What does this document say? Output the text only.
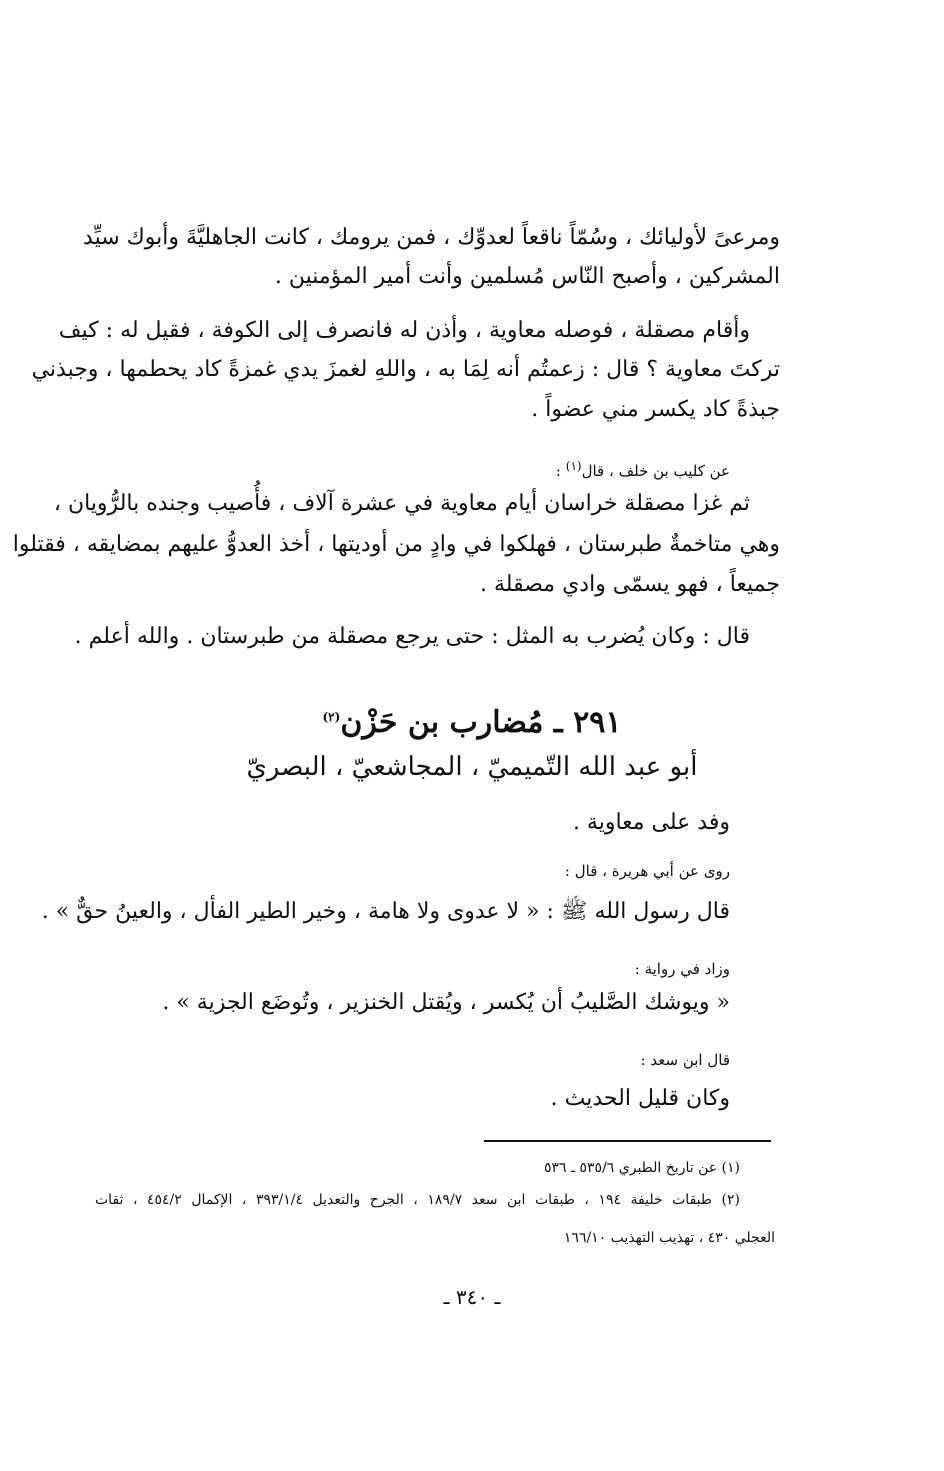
ومرعىً لأوليائك ، وسُمّاً ناقعاً لعدوِّك ، فمن يرومك ، كانت الجاهليَّةَ وأبوك سيِّد
المشركين ، وأصبح النّاس مُسلمين وأنت أمير المؤمنين .
وأقام مصقلة ، فوصله معاوية ، وأذن له فانصرف إلى الكوفة ، فقيل له : كيف
تركتَ معاوية ؟ قال : زعمتُم أنه لِمَا به ، واللهِ لغمزَ يدي غمزةً كاد يحطمها ، وجبذني
جبذةً كاد يكسر مني عضواً .
عن كليب بن خلف ، قال$^{(١)}$ :
ثم غزا مصقلة خراسان أيام معاوية في عشرة آلاف ، فأُصيب وجنده بالرُّويان ،
وهي متاخمةٌ طبرستان ، فهلكوا في وادٍ من أوديتها ، أخذ العدوُّ عليهم بمضايقه ، فقتلوا
جميعاً ، فهو يسمّى وادي مصقلة .
قال : وكان يُضرب به المثل : حتى يرجع مصقلة من طبرستان . والله أعلم .
٢٩١ ـ مُضارب بن حَزْن$^{(٢)}$
أبو عبد الله التّميميّ ، المجاشعيّ ، البصريّ
وفد على معاوية .
روى عن أبي هريرة ، قال :
قال رسول الله ﷺ : « لا عدوى ولا هامة ، وخير الطير الفأل ، والعينُ حقٌّ » .
وزاد في رواية :
« ويوشك الصَّليبُ أن يُكسر ، ويُقتل الخنزير ، وتُوضَع الجزية » .
قال ابن سعد :
وكان قليل الحديث .
(١) عن تاريخ الطبري ٥٣٥/٦ ـ ٥٣٦
(٢) طبقات خليفة ١٩٤ ، طبقات ابن سعد ١٨٩/٧ ، الجرح والتعديل ٣٩٣/١/٤ ، الإكمال ٤٥٤/٢ ، ثقات
العجلي ٤٣٠ ، تهذيب التهذيب ١٦٦/١٠
ـ ٣٤٠ ـ
